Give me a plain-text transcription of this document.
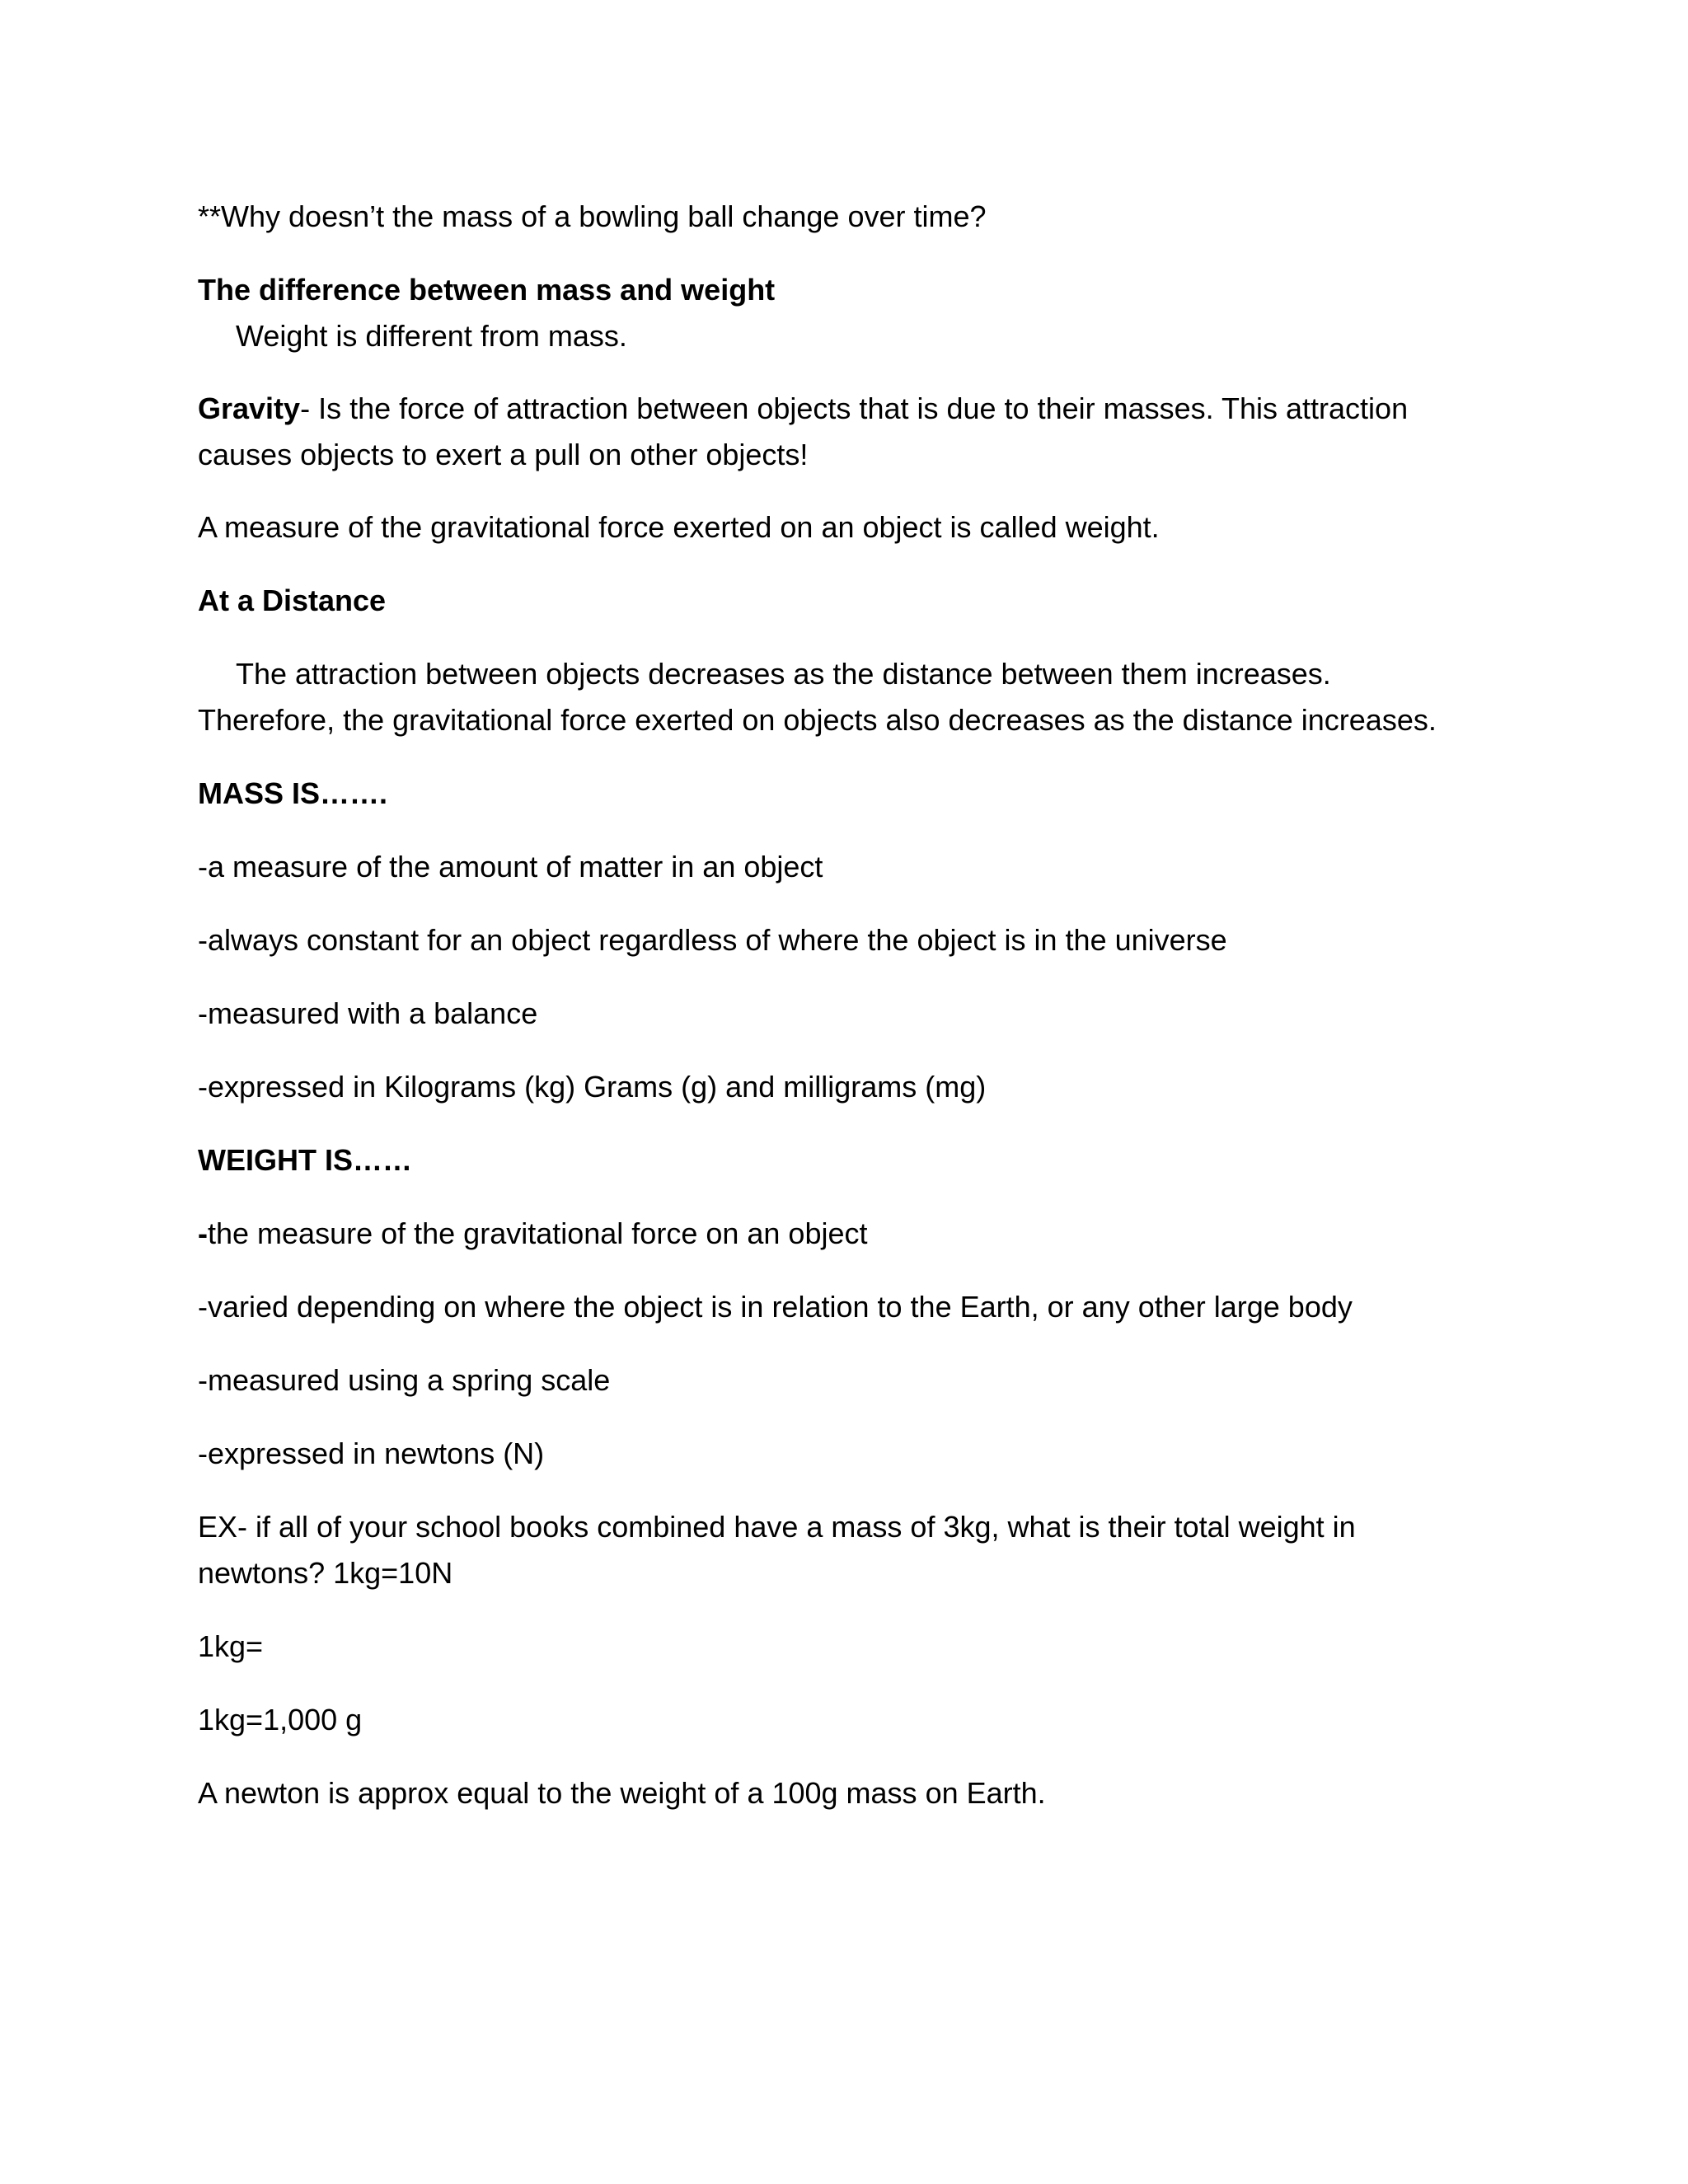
**Why doesn’t the mass of a bowling ball change over time?
The difference between mass and weight
Weight is different from mass.
Gravity- Is the force of attraction between objects that is due to their masses. This attraction
causes objects to exert a pull on other objects!
A measure of the gravitational force exerted on an object is called weight.
At a Distance
The attraction between objects decreases as the distance between them increases.
Therefore, the gravitational force exerted on objects also decreases as the distance increases.
MASS IS…….
-a measure of the amount of matter in an object
-always constant for an object regardless of where the object is in the universe
-measured with a balance
-expressed in Kilograms (kg) Grams (g) and milligrams (mg)
WEIGHT IS……
-the measure of the gravitational force on an object
-varied depending on where the object is in relation to the Earth, or any other large body
-measured using a spring scale
-expressed in newtons (N)
EX- if all of your school books combined have a mass of 3kg, what is their total weight in
newtons? 1kg=10N
1kg=
1kg=1,000 g
A newton is approx equal to the weight of a 100g mass on Earth.
